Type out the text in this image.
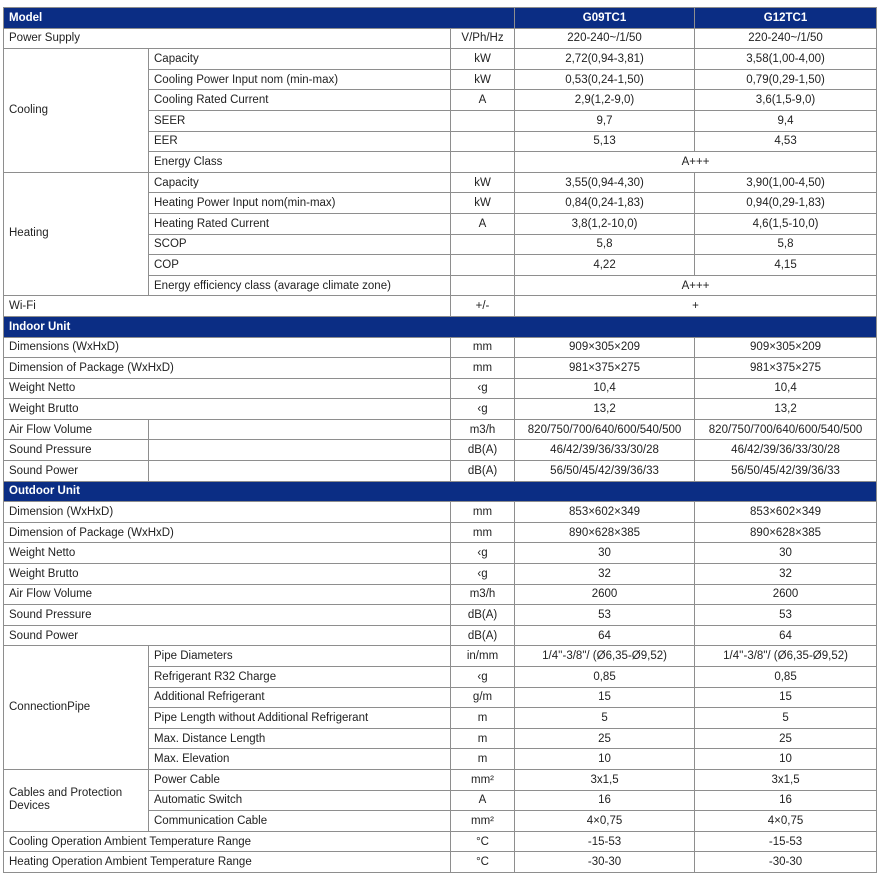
Model			G09TC1	G12TC1
Power Supply		V/Ph/Hz	220-240~/1/50	220-240~/1/50
Cooling	Capacity	kW	2,72(0,94-3,81)	3,58(1,00-4,00)
	Cooling Power Input nom (min-max)	kW	0,53(0,24-1,50)	0,79(0,29-1,50)
	Cooling Rated Current	A	2,9(1,2-9,0)	3,6(1,5-9,0)
	SEER		9,7	9,4
	EER		5,13	4,53
	Energy Class		A+++	
Heating	Capacity	kW	3,55(0,94-4,30)	3,90(1,00-4,50)
	Heating Power Input nom(min-max)	kW	0,84(0,24-1,83)	0,94(0,29-1,83)
	Heating Rated Current	A	3,8(1,2-10,0)	4,6(1,5-10,0)
	SCOP		5,8	5,8
	COP		4,22	4,15
	Energy efficiency class (avarage climate zone)		A+++	
Wi-Fi		+/-	+	
Indoor Unit				
Dimensions (WxHxD)		mm	909×305×209	909×305×209
Dimension of Package (WxHxD)		mm	981×375×275	981×375×275
Weight Netto		‹g	10,4	10,4
Weight Brutto		‹g	13,2	13,2
Air Flow Volume		m3/h	820/750/700/640/600/540/500	820/750/700/640/600/540/500
Sound Pressure		dB(A)	46/42/39/36/33/30/28	46/42/39/36/33/30/28
Sound Power		dB(A)	56/50/45/42/39/36/33	56/50/45/42/39/36/33
Outdoor Unit				
Dimension (WxHxD)		mm	853×602×349	853×602×349
Dimension of Package (WxHxD)		mm	890×628×385	890×628×385
Weight Netto		‹g	30	30
Weight Brutto		‹g	32	32
Air Flow Volume		m3/h	2600	2600
Sound Pressure		dB(A)	53	53
Sound Power		dB(A)	64	64
ConnectionPipe	Pipe Diameters	in/mm	1/4''-3/8"/ (Ø6,35-Ø9,52)	1/4''-3/8"/ (Ø6,35-Ø9,52)
	Refrigerant R32 Charge	‹g	0,85	0,85
	Additional Refrigerant	g/m	15	15
	Pipe Length without Additional Refrigerant	m	5	5
	Max. Distance Length	m	25	25
	Max. Elevation	m	10	10
Cables and Protection Devices	Power Cable	mm²	3x1,5	3x1,5
	Automatic Switch	A	16	16
	Communication Cable	mm²	4×0,75	4×0,75
Cooling Operation Ambient Temperature Range		°C	-15-53	-15-53
Heating Operation Ambient Temperature Range		°C	-30-30	-30-30
